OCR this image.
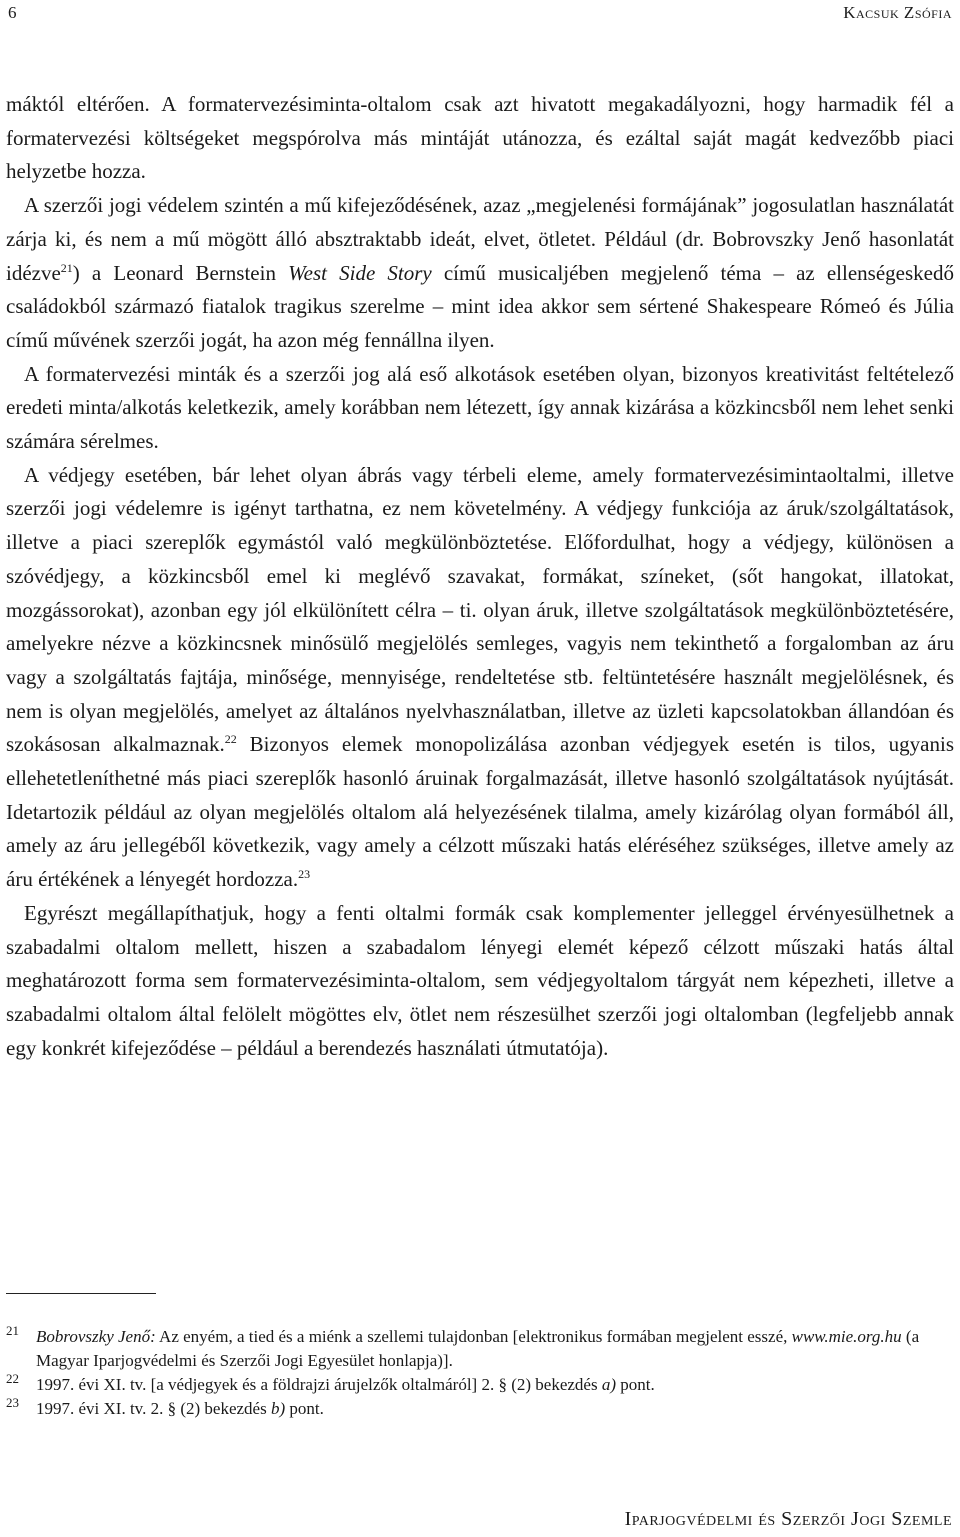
6	Kacsuk Zsófia

máktól eltérően. A formatervezésiminta-oltalom csak azt hivatott megakadályozni, hogy harmadik fél a formatervezési költségeket megspórolva más mintáját utánozza, és ezáltal saját magát kedvezőbb piaci helyzetbe hozza.

A szerzői jogi védelem szintén a mű kifejeződésének, azaz „megjelenési formájának” jogosulatlan használatát zárja ki, és nem a mű mögött álló absztraktabb ideát, elvet, ötletet. Például (dr. Bobrovszky Jenő hasonlatát idézve$^{21}$) a Leonard Bernstein West Side Story című musicaljében megjelenő téma – az ellenségeskedő családokból származó fiatalok tragikus szerelme – mint idea akkor sem sértené Shakespeare Rómeó és Júlia című művének szerzői jogát, ha azon még fennállna ilyen.

A formatervezési minták és a szerzői jog alá eső alkotások esetében olyan, bizonyos kreativitást feltételező eredeti minta/alkotás keletkezik, amely korábban nem létezett, így annak kizárása a közkincsből nem lehet senki számára sérelmes.

A védjegy esetében, bár lehet olyan ábrás vagy térbeli eleme, amely formatervezésimintaoltalmi, illetve szerzői jogi védelemre is igényt tarthatna, ez nem követelmény. A védjegy funkciója az áruk/szolgáltatások, illetve a piaci szereplők egymástól való megkülönböztetése. Előfordulhat, hogy a védjegy, különösen a szóvédjegy, a közkincsből emel ki meglévő szavakat, formákat, színeket, (sőt hangokat, illatokat, mozgássorokat), azonban egy jól elkülönített célra – ti. olyan áruk, illetve szolgáltatások megkülönböztetésére, amelyekre nézve a közkincsnek minősülő megjelölés semleges, vagyis nem tekinthető a forgalomban az áru vagy a szolgáltatás fajtája, minősége, mennyisége, rendeltetése stb. feltüntetésére használt megjelölésnek, és nem is olyan megjelölés, amelyet az általános nyelvhasználatban, illetve az üzleti kapcsolatokban állandóan és szokásosan alkalmaznak.$^{22}$ Bizonyos elemek monopolizálása azonban védjegyek esetén is tilos, ugyanis ellehetetleníthetné más piaci szereplők hasonló áruinak forgalmazását, illetve hasonló szolgáltatások nyújtását. Idetartozik például az olyan megjelölés oltalom alá helyezésének tilalma, amely kizárólag olyan formából áll, amely az áru jellegéből következik, vagy amely a célzott műszaki hatás eléréséhez szükséges, illetve amely az áru értékének a lényegét hordozza.$^{23}$

Egyrészt megállapíthatjuk, hogy a fenti oltalmi formák csak komplementer jelleggel érvényesülhetnek a szabadalmi oltalom mellett, hiszen a szabadalom lényegi elemét képező célzott műszaki hatás által meghatározott forma sem formatervezésiminta-oltalom, sem védjegyoltalom tárgyát nem képezheti, illetve a szabadalmi oltalom által felölelt mögöttes elv, ötlet nem részesülhet szerzői jogi oltalomban (legfeljebb annak egy konkrét kifejeződése – például a berendezés használati útmutatója).

21 Bobrovszky Jenő: Az enyém, a tied és a miénk a szellemi tulajdonban [elektronikus formában megjelent esszé, www.mie.org.hu (a Magyar Iparjogvédelmi és Szerzői Jogi Egyesület honlapja)].

22 1997. évi XI. tv. [a védjegyek és a földrajzi árujelzők oltalmáról] 2. § (2) bekezdés a) pont.

23 1997. évi XI. tv. 2. § (2) bekezdés b) pont.

Iparjogvédelmi és Szerzői Jogi Szemle
